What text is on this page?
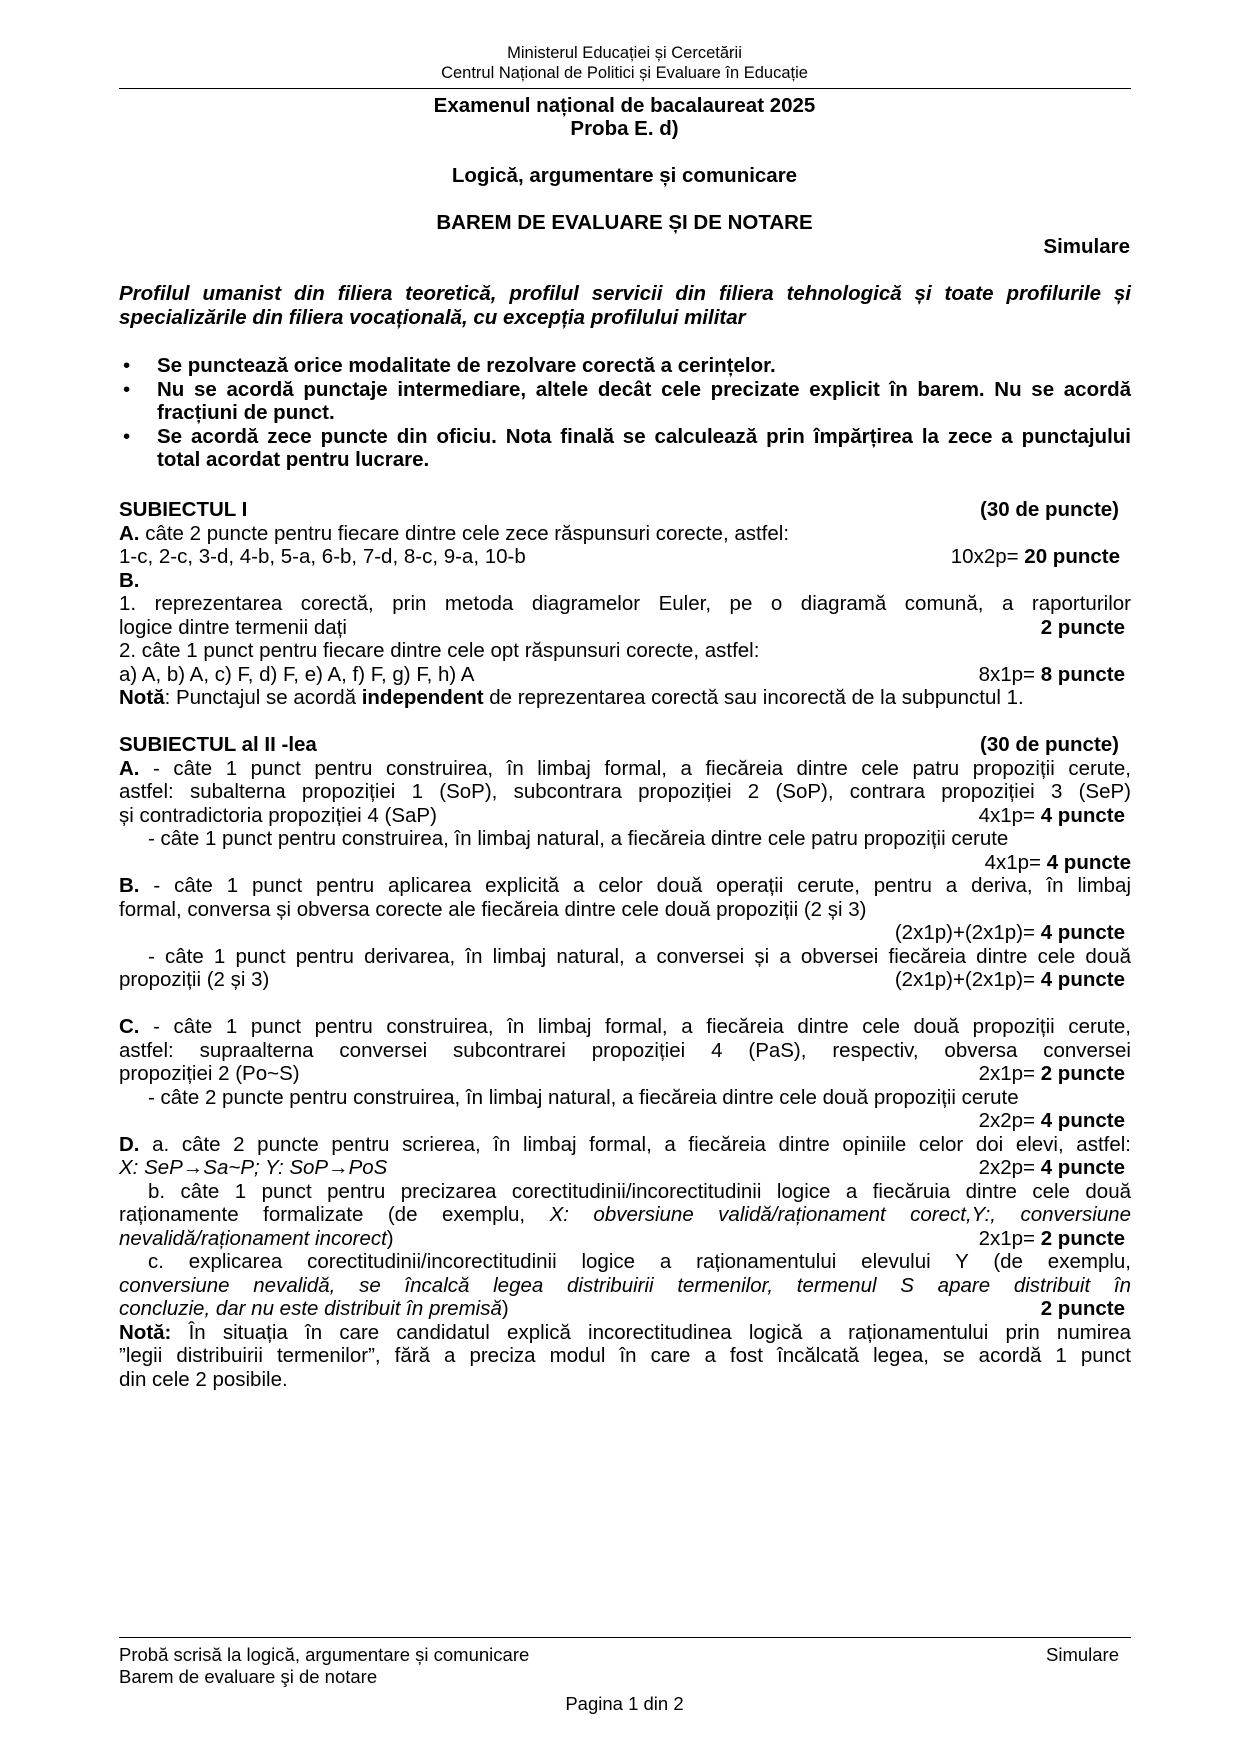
Ministerul Educației și Cercetării
Centrul Național de Politici și Evaluare în Educație
Examenul național de bacalaureat 2025
Proba E. d)
Logică, argumentare și comunicare
BAREM DE EVALUARE ȘI DE NOTARE
Simulare
Profilul umanist din filiera teoretică, profilul servicii din filiera tehnologică și toate profilurile și specializările din filiera vocațională, cu excepția profilului militar
• Se punctează orice modalitate de rezolvare corectă a cerințelor.
• Nu se acordă punctaje intermediare, altele decât cele precizate explicit în barem. Nu se acordă fracțiuni de punct.
• Se acordă zece puncte din oficiu. Nota finală se calculează prin împărțirea la zece a punctajului total acordat pentru lucrare.
SUBIECTUL I	(30 de puncte)
A. câte 2 puncte pentru fiecare dintre cele zece răspunsuri corecte, astfel:
1-c, 2-c, 3-d, 4-b, 5-a, 6-b, 7-d, 8-c, 9-a, 10-b	10x2p= 20 puncte
B.
1. reprezentarea corectă, prin metoda diagramelor Euler, pe o diagramă comună, a raporturilor
logice dintre termenii dați	2 puncte
2. câte 1 punct pentru fiecare dintre cele opt răspunsuri corecte, astfel:
a) A, b) A, c) F, d) F, e) A, f) F, g) F, h) A	8x1p= 8 puncte
Notă: Punctajul se acordă independent de reprezentarea corectă sau incorectă de la subpunctul 1.
SUBIECTUL al II -lea	(30 de puncte)
A. - câte 1 punct pentru construirea, în limbaj formal, a fiecăreia dintre cele patru propoziții cerute,
astfel: subalterna propoziției 1 (SoP), subcontrara propoziției 2 (SoP), contrara propoziției 3 (SeP)
și contradictoria propoziției 4 (SaP)	4x1p= 4 puncte
- câte 1 punct pentru construirea, în limbaj natural, a fiecăreia dintre cele patru propoziții cerute
4x1p= 4 puncte
B. - câte 1 punct pentru aplicarea explicită a celor două operații cerute, pentru a deriva, în limbaj
formal, conversa și obversa corecte ale fiecăreia dintre cele două propoziții (2 și 3)
(2x1p)+(2x1p)= 4 puncte
- câte 1 punct pentru derivarea, în limbaj natural, a conversei și a obversei fiecăreia dintre cele două
propoziții (2 și 3)	(2x1p)+(2x1p)= 4 puncte
C. - câte 1 punct pentru construirea, în limbaj formal, a fiecăreia dintre cele două propoziții cerute,
astfel: supraalterna conversei subcontrarei propoziției 4 (PaS), respectiv, obversa conversei
propoziției 2 (Po~S)	2x1p= 2 puncte
- câte 2 puncte pentru construirea, în limbaj natural, a fiecăreia dintre cele două propoziții cerute
2x2p= 4 puncte
D. a. câte 2 puncte pentru scrierea, în limbaj formal, a fiecăreia dintre opiniile celor doi elevi, astfel:
X: SeP→Sa~P; Y: SoP→PoS	2x2p= 4 puncte
b. câte 1 punct pentru precizarea corectitudinii/incorectitudinii logice a fiecăruia dintre cele două
raționamente formalizate (de exemplu, X: obversiune validă/raționament corect,Y:, conversiune
nevalidă/raționament incorect)	2x1p= 2 puncte
c. explicarea corectitudinii/incorectitudinii logice a raționamentului elevului Y (de exemplu,
conversiune nevalidă, se încalcă legea distribuirii termenilor, termenul S apare distribuit în
concluzie, dar nu este distribuit în premisă)	2 puncte
Notă: În situația în care candidatul explică incorectitudinea logică a raționamentului prin numirea
”legii distribuirii termenilor”, fără a preciza modul în care a fost încălcată legea, se acordă 1 punct
din cele 2 posibile.
Probă scrisă la logică, argumentare și comunicare	Simulare
Barem de evaluare şi de notare
Pagina 1 din 2
